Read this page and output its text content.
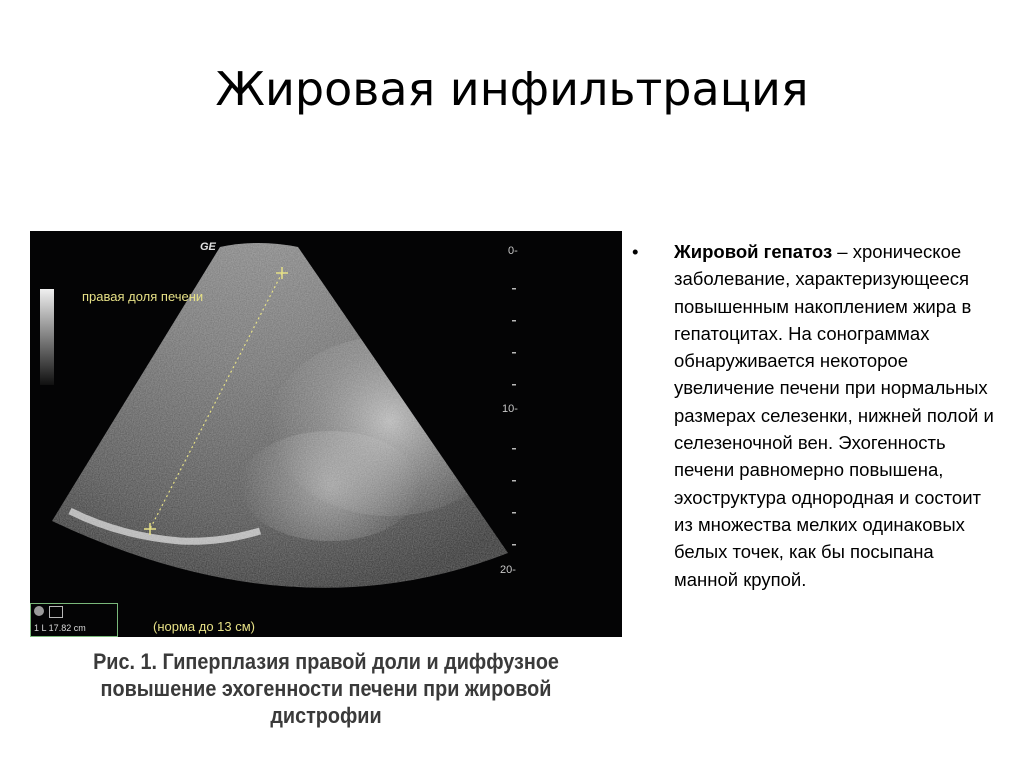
Жировая инфильтрация
GE
правая доля печени
(норма до 13 см)
0-
10-
20-
1 L 17.82 cm
Рис. 1. Гиперплазия правой доли и диффузное повышение эхогенности печени при жировой дистрофии
• Жировой гепатоз – хроническое заболевание, характеризующееся повышенным накоплением жира в гепатоцитах. На сонограммах обнаруживается некоторое увеличение печени при нормальных размерах селезенки, нижней полой и селезеночной вен. Эхогенность печени равномерно повышена, эхоструктура однородная и состоит из множества мелких одинаковых белых точек, как бы посыпана манной крупой.
